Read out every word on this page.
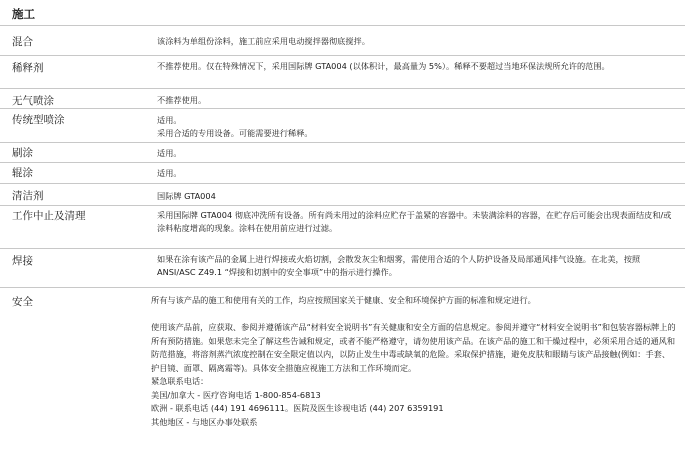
施工
混合	该涂料为单组份涂料，施工前应采用电动搅拌器彻底搅拌。

稀释剂	不推荐使用。仅在特殊情况下，采用国际牌 GTA004 (以体积计，最高量为 5%）。稀释不要超过当地环保法规所允许的范围。

无气喷涂	不推荐使用。

传统型喷涂	适用。

采用合适的专用设备。可能需要进行稀释。

刷涂	适用。

辊涂	适用。

清洁剂	国际牌 GTA004

工作中止及清理	采用国际牌 GTA004 彻底冲洗所有设备。所有尚未用过的涂料应贮存于盖紧的容器中。未装满涂料的容器，在贮存后可能会出现表面结皮和/或涂料粘度增高的现象。涂料在使用前应进行过滤。

焊接	如果在涂有该产品的金属上进行焊接或火焰切割，会散发灰尘和烟雾，需使用合适的个人防护设备及局部通风排气设施。在北美，按照 ANSI/ASC Z49.1 “焊接和切割中的安全事项”中的指示进行操作。

安全	所有与该产品的施工和使用有关的工作，均应按照国家关于健康、安全和环境保护方面的标准和规定进行。

使用该产品前，应获取、参阅并遵循该产品“材料安全说明书”有关健康和安全方面的信息规定。参阅并遵守“材料安全说明书”和包装容器标牌上的所有预防措施。如果您未完全了解这些告诫和规定，或者不能严格遵守，请勿使用该产品。在该产品的施工和干燥过程中，必须采用合适的通风和防范措施，将溶剂蒸汽浓度控制在安全限定值以内，以防止发生中毒或缺氧的危险。采取保护措施，避免皮肤和眼睛与该产品接触(例如：手套、护目镜、面罩、隔离霜等)。具体安全措施应视施工方法和工作环境而定。

紧急联系电话：

美国/加拿大 - 医疗咨询电话 1-800-854-6813

欧洲 - 联系电话 (44) 191 4696111。医院及医生诊视电话 (44) 207 6359191

其他地区 - 与地区办事处联系
